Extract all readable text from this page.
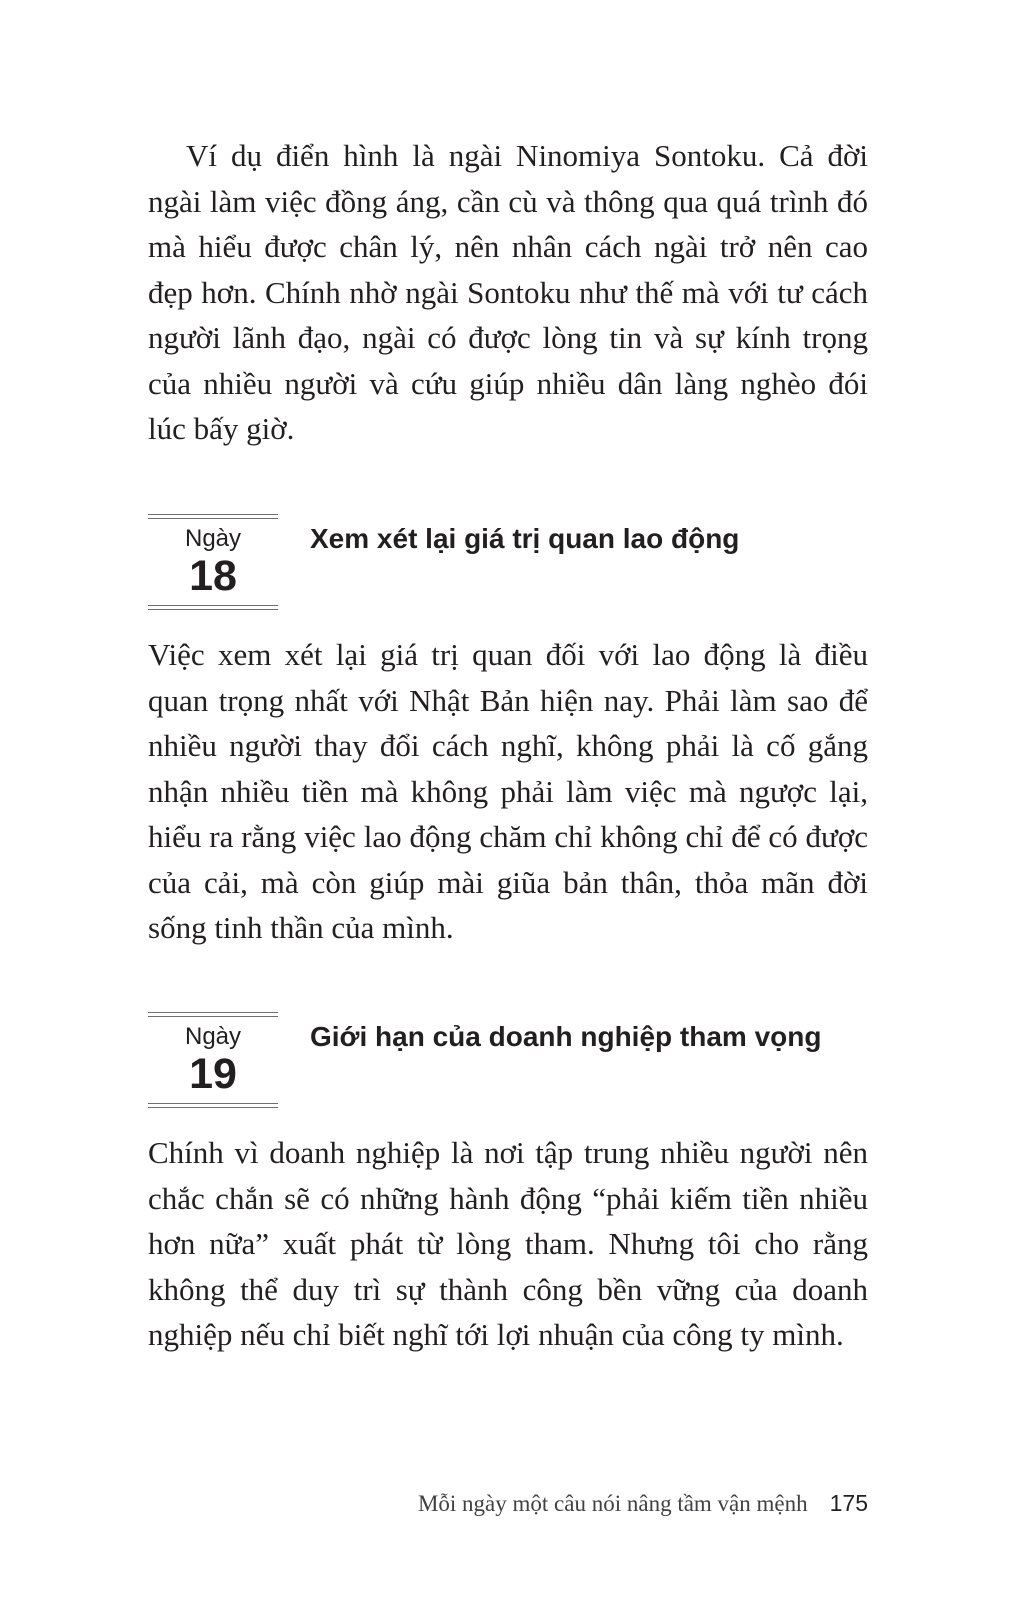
Ví dụ điển hình là ngài Ninomiya Sontoku. Cả đời ngài làm việc đồng áng, cần cù và thông qua quá trình đó mà hiểu được chân lý, nên nhân cách ngài trở nên cao đẹp hơn. Chính nhờ ngài Sontoku như thế mà với tư cách người lãnh đạo, ngài có được lòng tin và sự kính trọng của nhiều người và cứu giúp nhiều dân làng nghèo đói lúc bấy giờ.

Ngày
18
Xem xét lại giá trị quan lao động

Việc xem xét lại giá trị quan đối với lao động là điều quan trọng nhất với Nhật Bản hiện nay. Phải làm sao để nhiều người thay đổi cách nghĩ, không phải là cố gắng nhận nhiều tiền mà không phải làm việc mà ngược lại, hiểu ra rằng việc lao động chăm chỉ không chỉ để có được của cải, mà còn giúp mài giũa bản thân, thỏa mãn đời sống tinh thần của mình.

Ngày
19
Giới hạn của doanh nghiệp tham vọng

Chính vì doanh nghiệp là nơi tập trung nhiều người nên chắc chắn sẽ có những hành động “phải kiếm tiền nhiều hơn nữa” xuất phát từ lòng tham. Nhưng tôi cho rằng không thể duy trì sự thành công bền vững của doanh nghiệp nếu chỉ biết nghĩ tới lợi nhuận của công ty mình.

Mỗi ngày một câu nói nâng tầm vận mệnh 175
